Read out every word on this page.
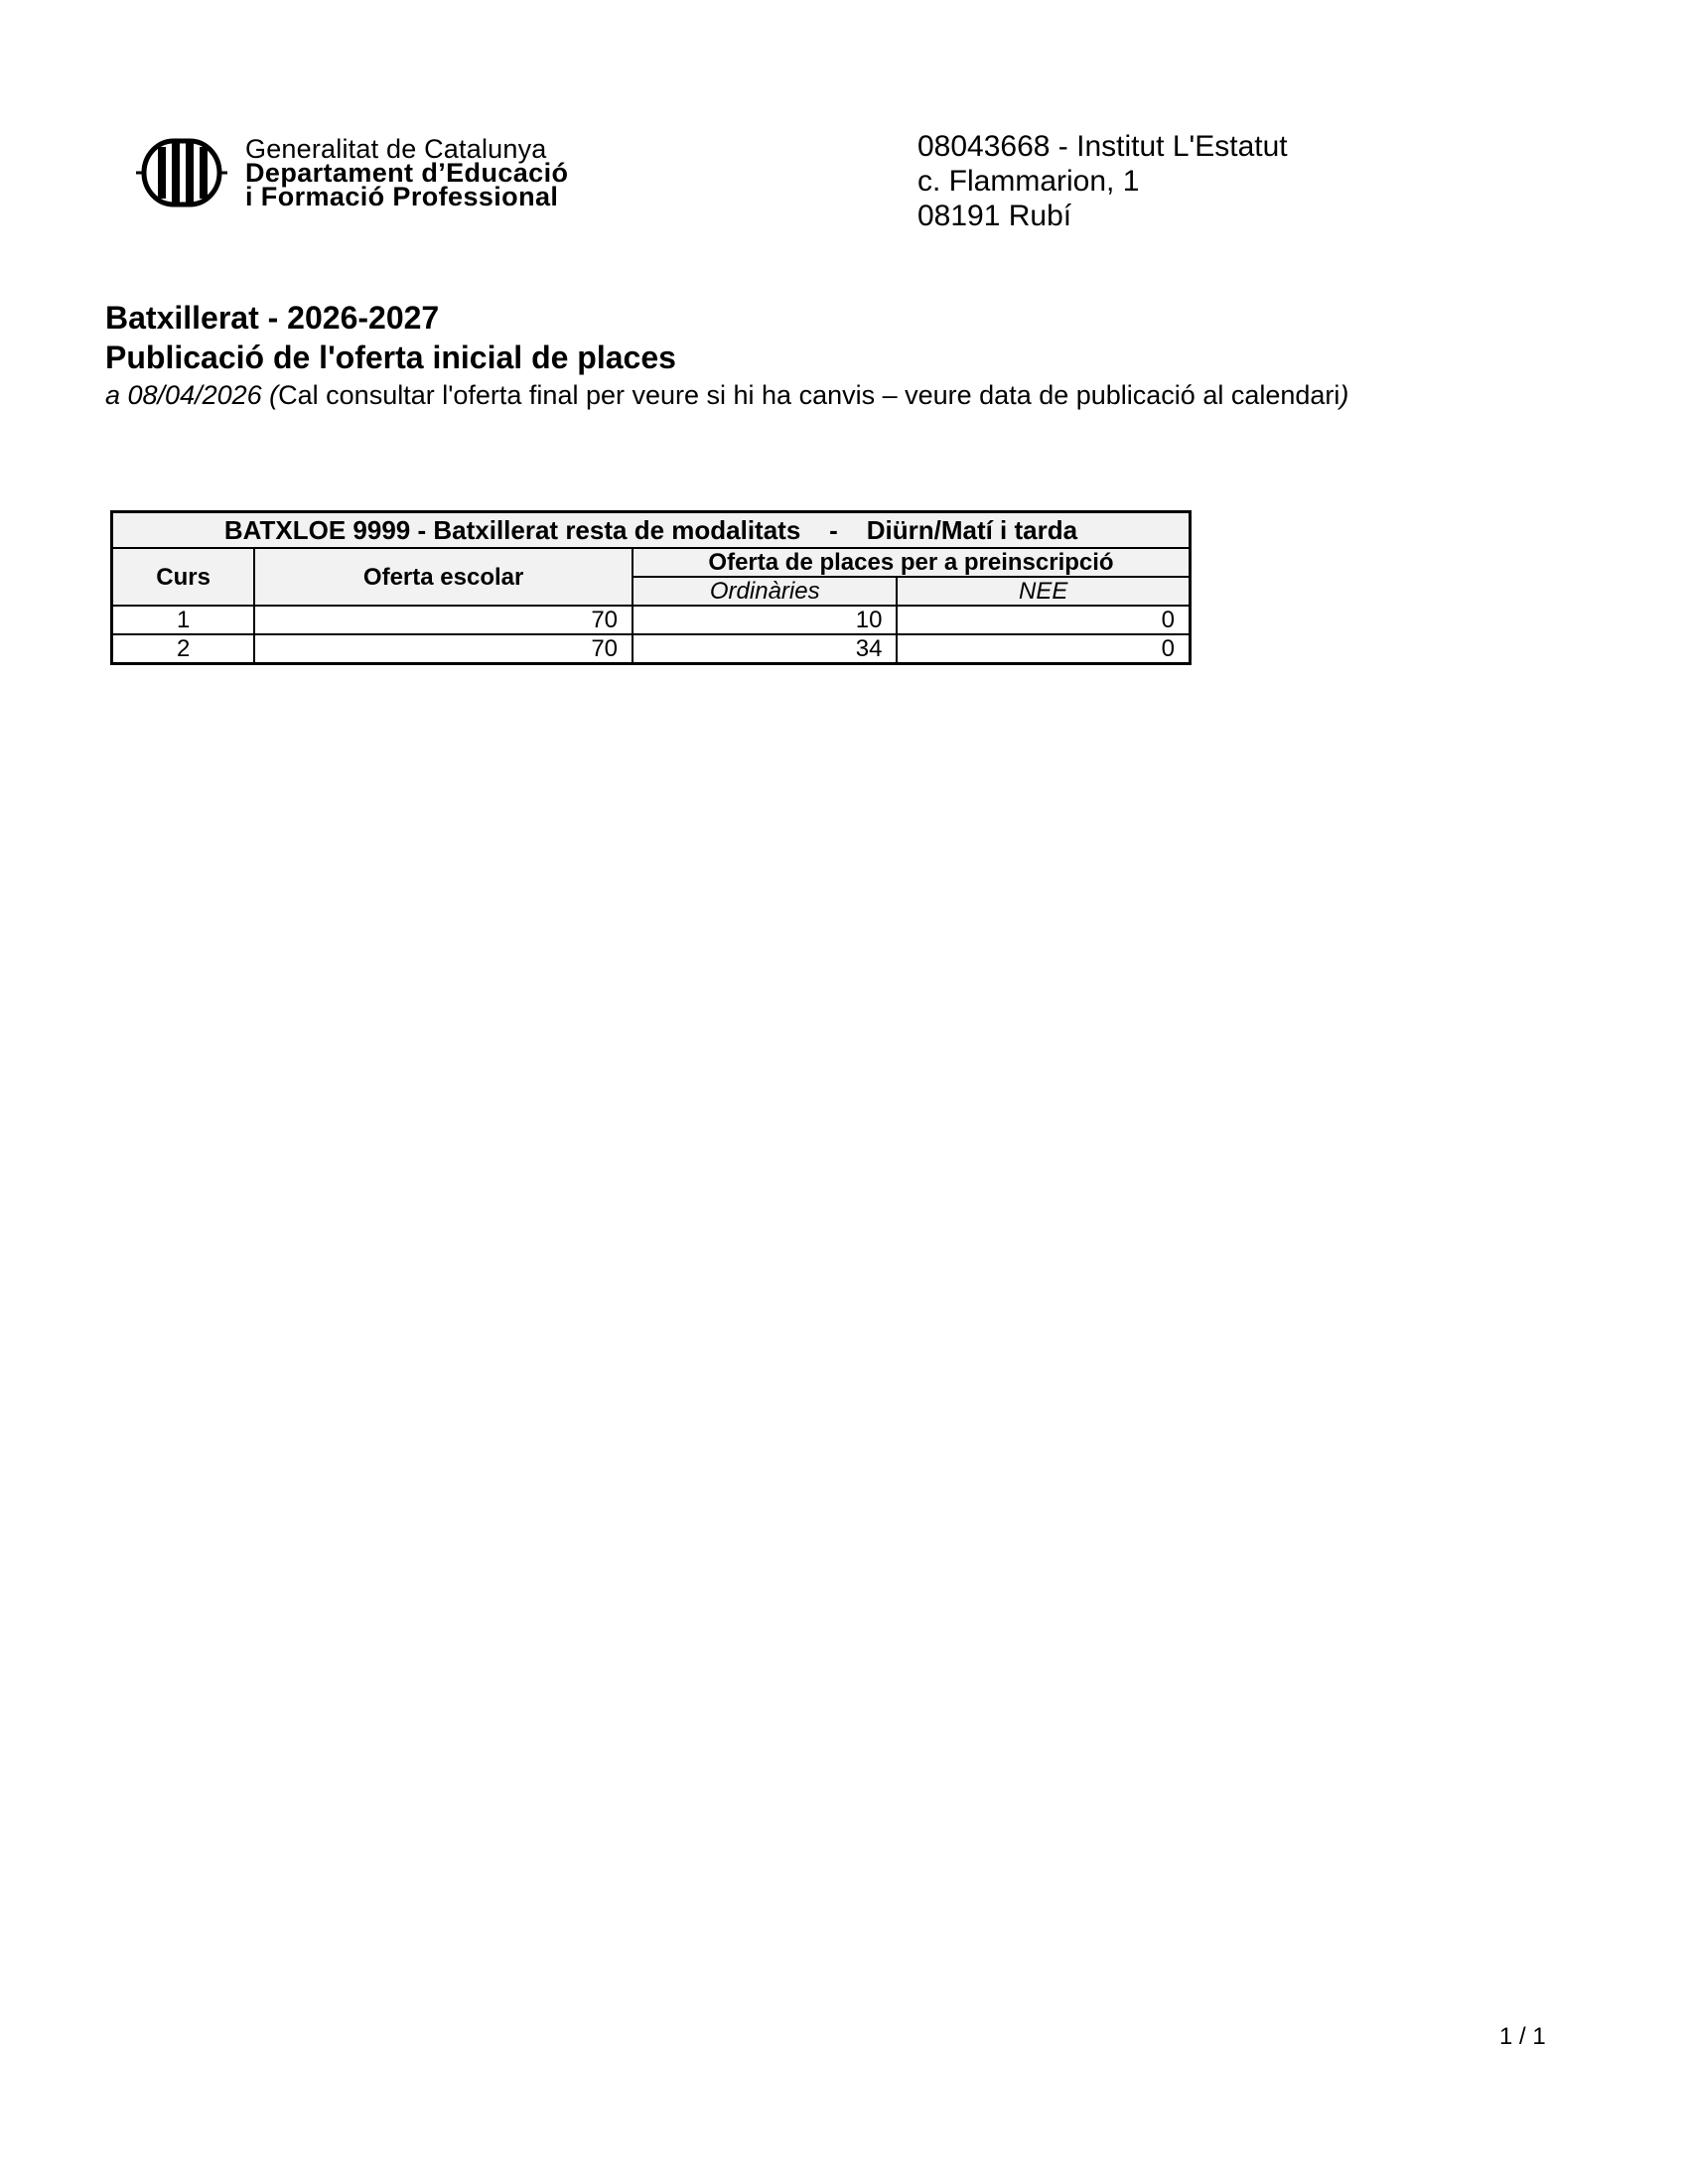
Generalitat de Catalunya
Departament d’Educació
i Formació Professional
08043668 - Institut L'Estatut
c. Flammarion, 1
08191 Rubí
Batxillerat - 2026-2027
Publicació de l'oferta inicial de places
a 08/04/2026 (Cal consultar l'oferta final per veure si hi ha canvis – veure data de publicació al calendari)
BATXLOE 9999 - Batxillerat resta de modalitats    -    Diürn/Matí i tarda			
Curs	Oferta escolar	Oferta de places per a preinscripció	
		Ordinàries	NEE
1	70	10	0
2	70	34	0
1 / 1
